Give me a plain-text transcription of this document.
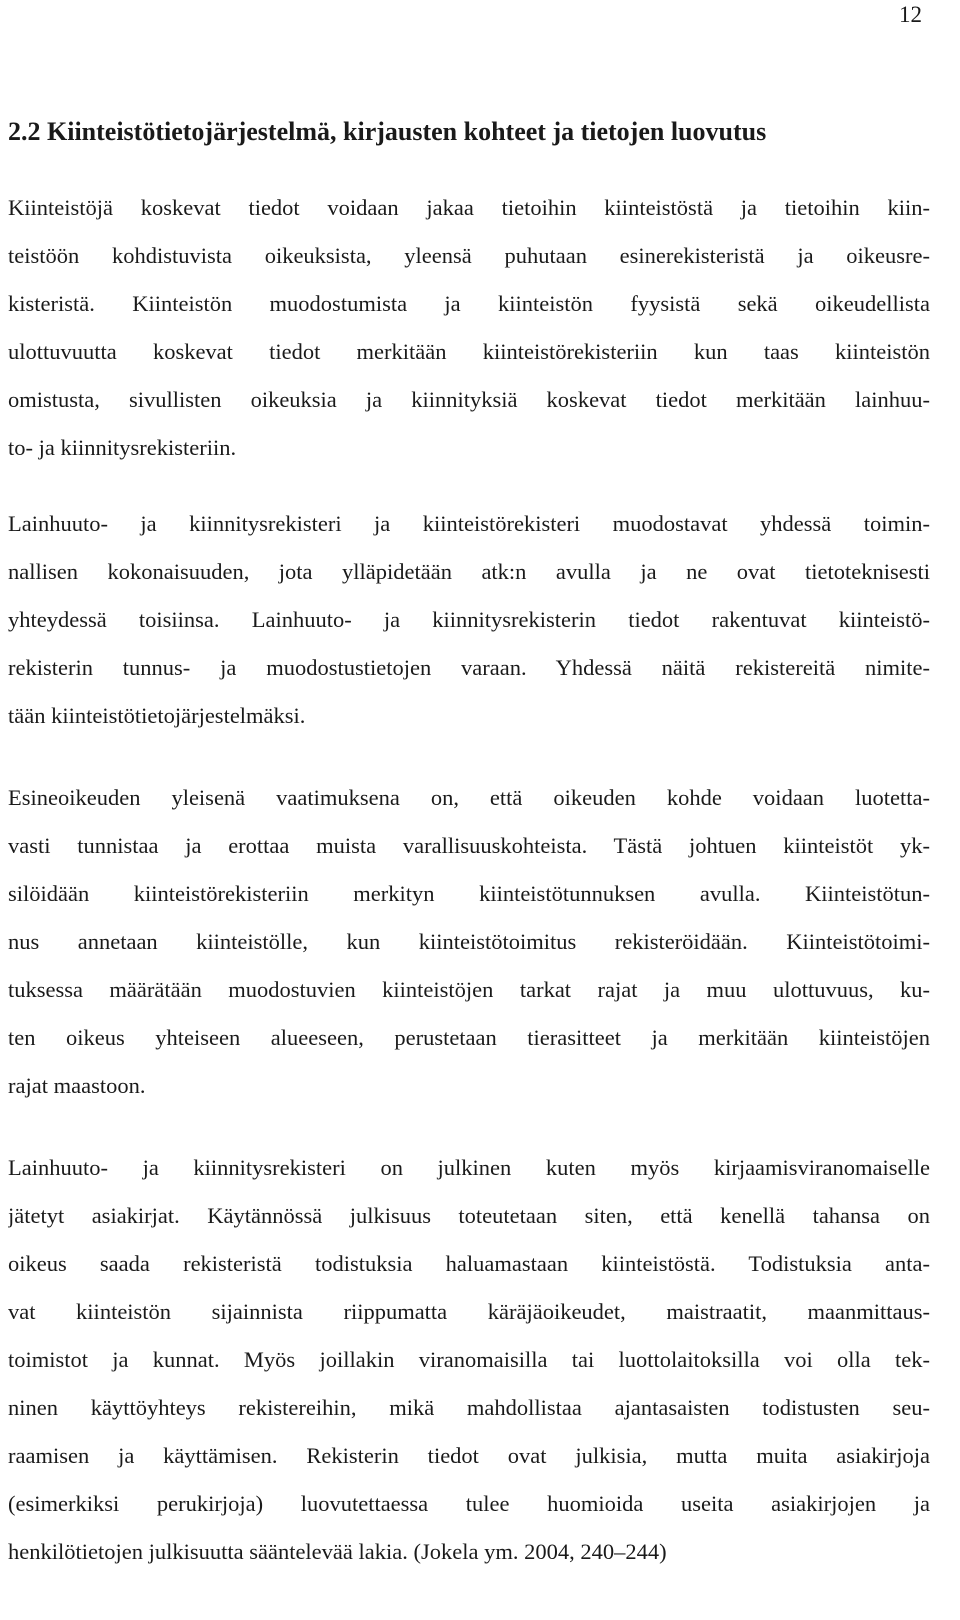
12
2.2 Kiinteistötietojärjestelmä, kirjausten kohteet ja tietojen luovutus
Kiinteistöjä koskevat tiedot voidaan jakaa tietoihin kiinteistöstä ja tietoihin kiin-
teistöön kohdistuvista oikeuksista, yleensä puhutaan esinerekisteristä ja oikeusre-
kisteristä. Kiinteistön muodostumista ja kiinteistön fyysistä sekä oikeudellista
ulottuvuutta koskevat tiedot merkitään kiinteistörekisteriin kun taas kiinteistön
omistusta, sivullisten oikeuksia ja kiinnityksiä koskevat tiedot merkitään lainhuu-
to- ja kiinnitysrekisteriin.
Lainhuuto- ja kiinnitysrekisteri ja kiinteistörekisteri muodostavat yhdessä toimin-
nallisen kokonaisuuden, jota ylläpidetään atk:n avulla ja ne ovat tietoteknisesti
yhteydessä toisiinsa. Lainhuuto- ja kiinnitysrekisterin tiedot rakentuvat kiinteistö-
rekisterin tunnus- ja muodostustietojen varaan. Yhdessä näitä rekistereitä nimite-
tään kiinteistötietojärjestelmäksi.
Esineoikeuden yleisenä vaatimuksena on, että oikeuden kohde voidaan luotetta-
vasti tunnistaa ja erottaa muista varallisuuskohteista. Tästä johtuen kiinteistöt yk-
silöidään kiinteistörekisteriin merkityn kiinteistötunnuksen avulla. Kiinteistötun-
nus annetaan kiinteistölle, kun kiinteistötoimitus rekisteröidään. Kiinteistötoimi-
tuksessa määrätään muodostuvien kiinteistöjen tarkat rajat ja muu ulottuvuus, ku-
ten oikeus yhteiseen alueeseen, perustetaan tierasitteet ja merkitään kiinteistöjen
rajat maastoon.
Lainhuuto- ja kiinnitysrekisteri on julkinen kuten myös kirjaamisviranomaiselle
jätetyt asiakirjat. Käytännössä julkisuus toteutetaan siten, että kenellä tahansa on
oikeus saada rekisteristä todistuksia haluamastaan kiinteistöstä. Todistuksia anta-
vat kiinteistön sijainnista riippumatta käräjäoikeudet, maistraatit, maanmittaus-
toimistot ja kunnat. Myös joillakin viranomaisilla tai luottolaitoksilla voi olla tek-
ninen käyttöyhteys rekistereihin, mikä mahdollistaa ajantasaisten todistusten seu-
raamisen ja käyttämisen. Rekisterin tiedot ovat julkisia, mutta muita asiakirjoja
(esimerkiksi perukirjoja) luovutettaessa tulee huomioida useita asiakirjojen ja
henkilötietojen julkisuutta sääntelevää lakia. (Jokela ym. 2004, 240–244)
